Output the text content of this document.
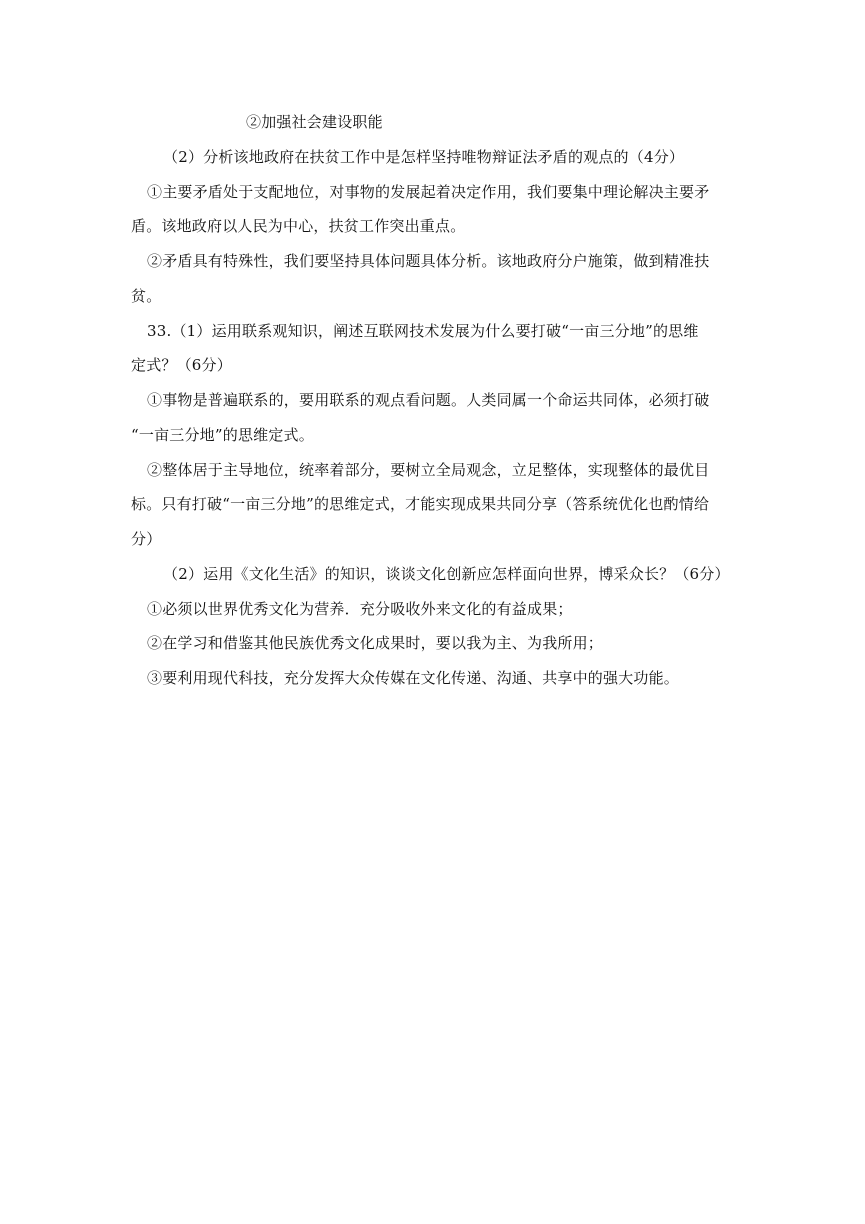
②加强社会建设职能
（2）分析该地政府在扶贫工作中是怎样坚持唯物辩证法矛盾的观点的（4分）
①主要矛盾处于支配地位，对事物的发展起着决定作用，我们要集中理论解决主要矛
盾。该地政府以人民为中心，扶贫工作突出重点。
②矛盾具有特殊性，我们要坚持具体问题具体分析。该地政府分户施策，做到精准扶
贫。
33.（1）运用联系观知识，阐述互联网技术发展为什么要打破“一亩三分地”的思维
定式？（6分）
①事物是普遍联系的，要用联系的观点看问题。人类同属一个命运共同体，必须打破
“一亩三分地”的思维定式。
②整体居于主导地位，统率着部分，要树立全局观念，立足整体，实现整体的最优目
标。只有打破“一亩三分地”的思维定式，才能实现成果共同分享（答系统优化也酌情给
分）
（2）运用《文化生活》的知识，谈谈文化创新应怎样面向世界，博采众长？（6分）
①必须以世界优秀文化为营养．充分吸收外来文化的有益成果；
②在学习和借鉴其他民族优秀文化成果时，要以我为主、为我所用；
③要利用现代科技，充分发挥大众传媒在文化传递、沟通、共享中的强大功能。
